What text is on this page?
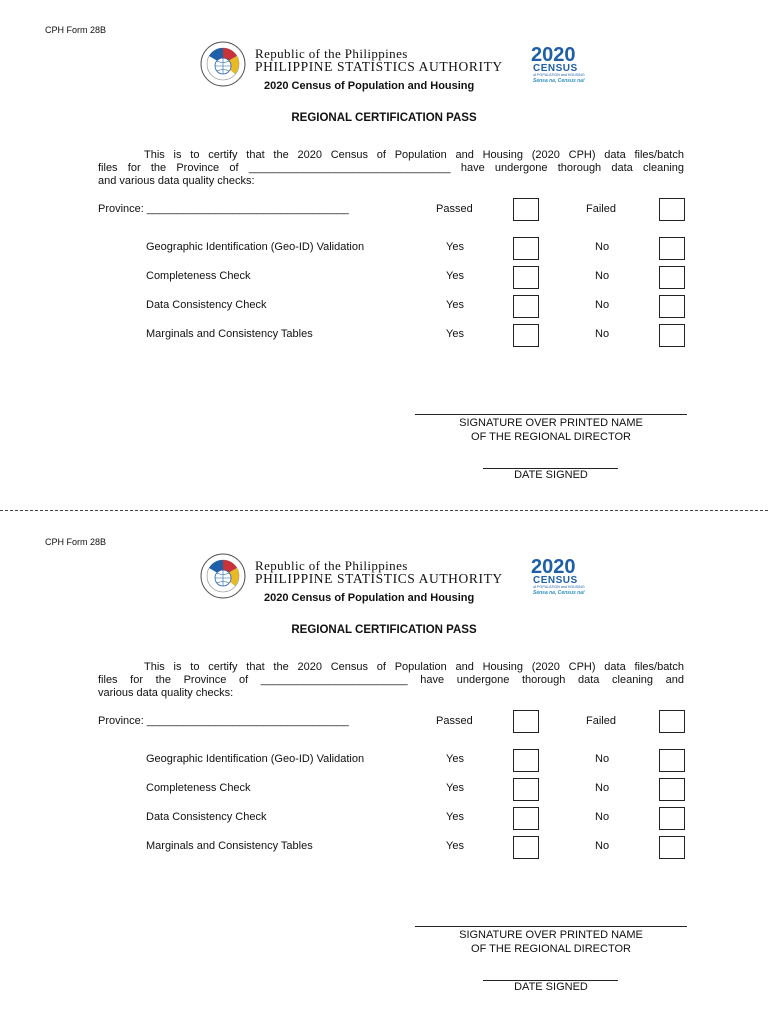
CPH Form 28B
Republic of the Philippines
PHILIPPINE STATISTICS AUTHORITY
2020 Census of Population and Housing
2020
CENSUS
of POPULATION and HOUSING
Sensa na, Census na!
REGIONAL CERTIFICATION PASS
This is to certify that the 2020 Census of Population and Housing (2020 CPH) data files/batch
files for the Province of _________________________________ have undergone thorough data cleaning
and various data quality checks:
Province: _________________________________	Passed	Failed
Geographic Identification (Geo-ID) Validation	Yes	No
Completeness Check	Yes	No
Data Consistency Check	Yes	No
Marginals and Consistency Tables	Yes	No
SIGNATURE OVER PRINTED NAME
OF THE REGIONAL DIRECTOR
DATE SIGNED
CPH Form 28B
Republic of the Philippines
PHILIPPINE STATISTICS AUTHORITY
2020 Census of Population and Housing
2020
CENSUS
of POPULATION and HOUSING
Sensa na, Census na!
REGIONAL CERTIFICATION PASS
This is to certify that the 2020 Census of Population and Housing (2020 CPH) data files/batch
files for the Province of ________________________ have undergone thorough data cleaning and
various data quality checks:
Province: _________________________________	Passed	Failed
Geographic Identification (Geo-ID) Validation	Yes	No
Completeness Check	Yes	No
Data Consistency Check	Yes	No
Marginals and Consistency Tables	Yes	No
SIGNATURE OVER PRINTED NAME
OF THE REGIONAL DIRECTOR
DATE SIGNED
